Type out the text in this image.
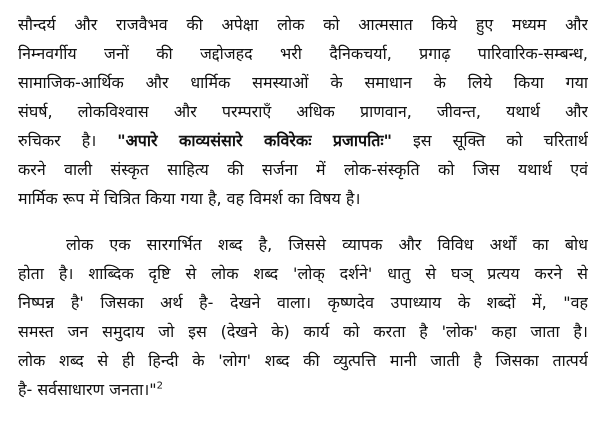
सौन्दर्य और राजवैभव की अपेक्षा लोक को आत्मसात किये हुए मध्यम और
निम्नवर्गीय जनों की जद्दोजहद भरी दैनिकचर्या, प्रगाढ़ पारिवारिक-सम्बन्ध,
सामाजिक-आर्थिक और धार्मिक समस्याओं के समाधान के लिये किया गया
संघर्ष, लोकविश्वास और परम्पराएँ अधिक प्राणवान, जीवन्त, यथार्थ और
रुचिकर है। "अपारे काव्यसंसारे कविरेकः प्रजापतिः" इस सूक्ति को चरितार्थ
करने वाली संस्कृत साहित्य की सर्जना में लोक-संस्कृति को जिस यथार्थ एवं
मार्मिक रूप में चित्रित किया गया है, वह विमर्श का विषय है।
लोक एक सारगर्भित शब्द है, जिससे व्यापक और विविध अर्थों का बोध
होता है। शाब्दिक दृष्टि से लोक शब्द 'लोक् दर्शने' धातु से घञ् प्रत्यय करने से
निष्पन्न है' जिसका अर्थ है- देखने वाला। कृष्णदेव उपाध्याय के शब्दों में, "वह
समस्त जन समुदाय जो इस (देखने के) कार्य को करता है 'लोक' कहा जाता है।
लोक शब्द से ही हिन्दी के 'लोग' शब्द की व्युत्पत्ति मानी जाती है जिसका तात्पर्य
है- सर्वसाधारण जनता।"$^2$
